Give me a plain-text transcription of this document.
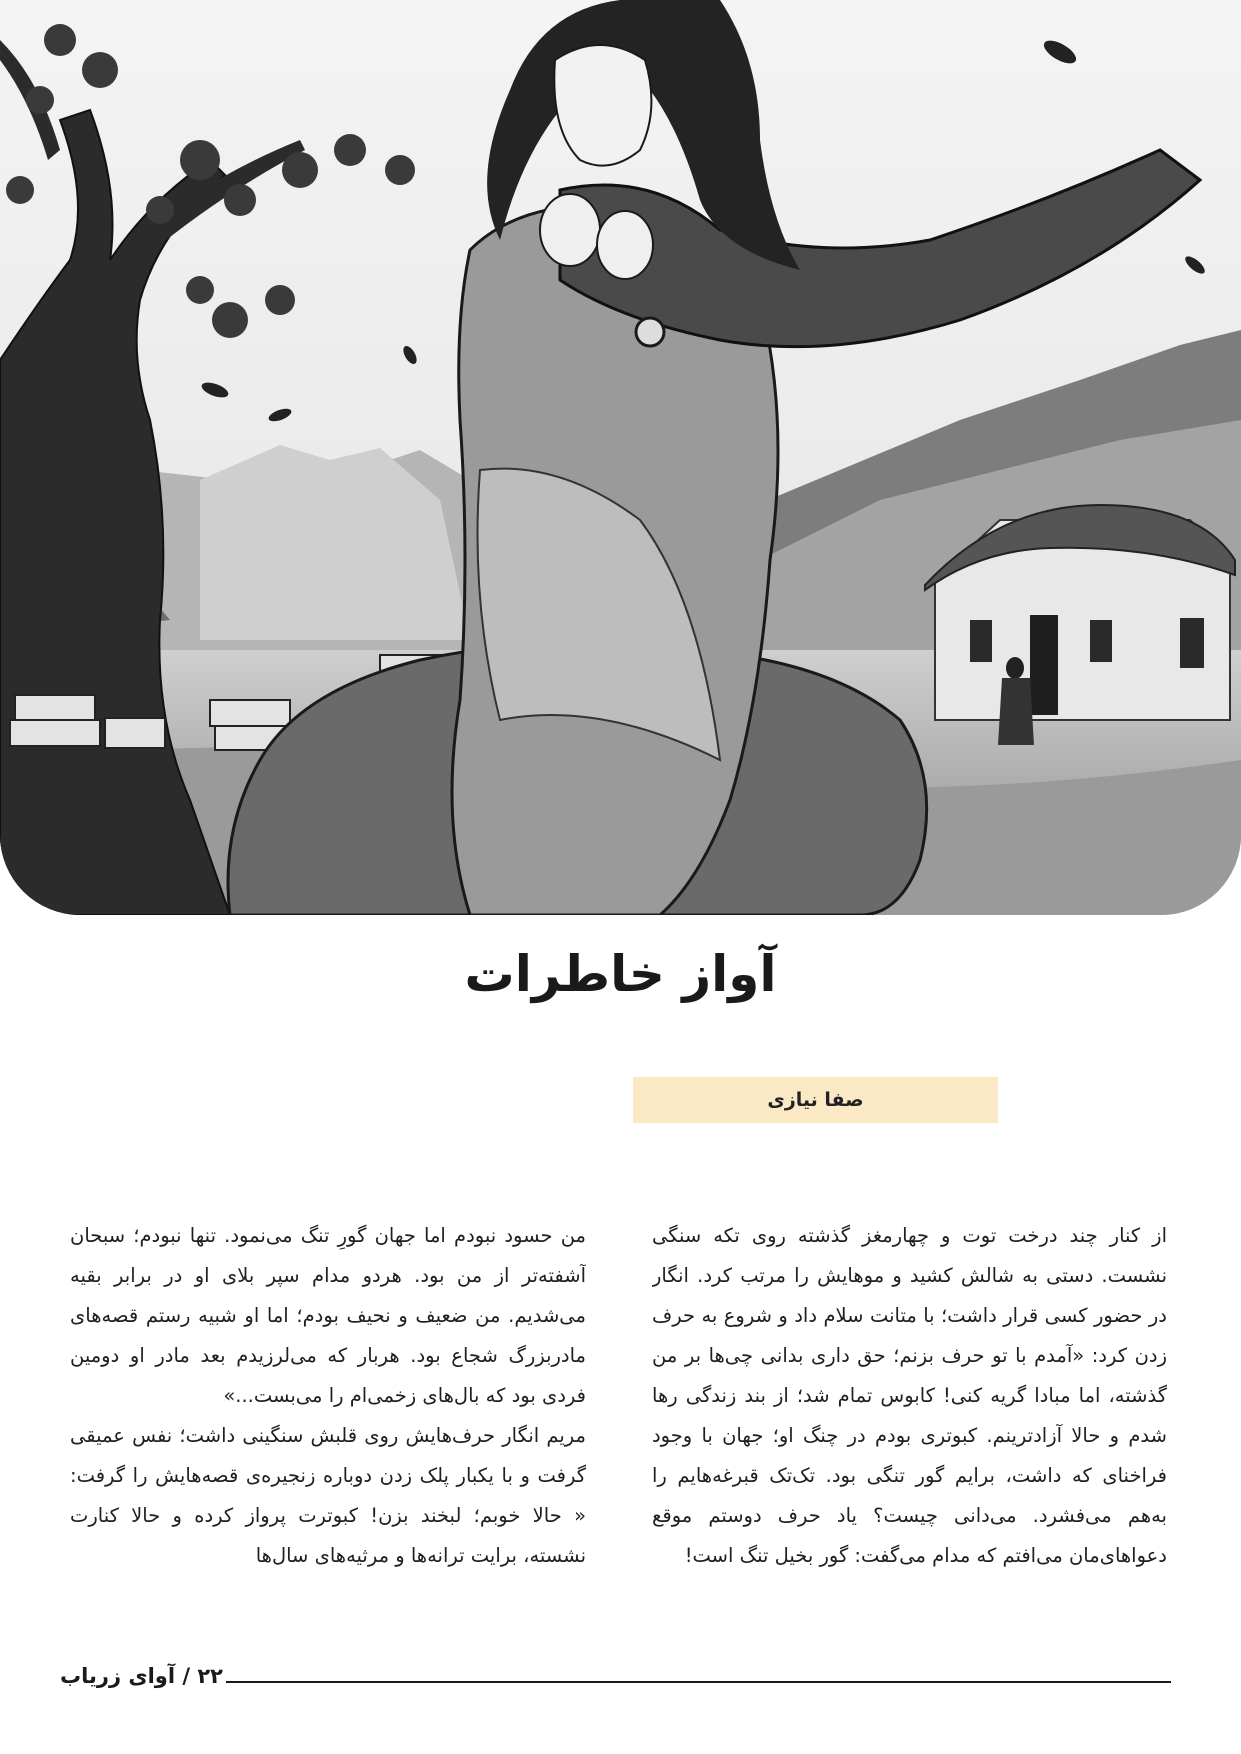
آواز خاطرات
صفا نیازی

از کنار چند درخت توت و چهارمغز گذشته روی تکه سنگی نشست. دستی به شالش کشید و موهایش را مرتب کرد. انگار در حضور کسی قرار داشت؛ با متانت سلام داد و شروع به حرف زدن کرد: «آمدم با تو حرف بزنم؛ حق داری بدانی چی‌ها بر من گذشته، اما مبادا گریه کنی! کابوس تمام شد؛ از بند زندگی رها شدم و حالا آزادترینم. کبوتری بودم در چنگ او؛ جهان با وجود فراخنای که داشت، برایم گور تنگی بود. تک‌تک قبرغه‌هایم را به‌هم می‌فشرد. می‌دانی چیست؟ یاد حرف دوستم موقع دعواهای‌مان می‌افتم که مدام می‌گفت: گور بخیل تنگ است!

من حسود نبودم اما جهان گورِ تنگ می‌نمود. تنها نبودم؛ سبحان آشفته‌تر از من بود. هردو مدام سپر بلای او در برابر بقیه می‌شدیم. من ضعیف و نحیف بودم؛ اما او شبیه رستم قصه‌های مادربزرگ شجاع بود. هربار که می‌لرزیدم بعد مادر او دومین فردی بود که بال‌های زخمی‌ام را می‌بست...»

مریم انگار حرف‌هایش روی قلبش سنگینی داشت؛ نفس عمیقی گرفت و با یکبار پلک زدن دوباره زنجیره‌ی قصه‌هایش را گرفت: « حالا خوبم؛ لبخند بزن! کبوترت پرواز کرده و حالا کنارت نشسته، برایت ترانه‌ها و مرثیه‌های سال‌ها

۲۲ / آوای زریاب
